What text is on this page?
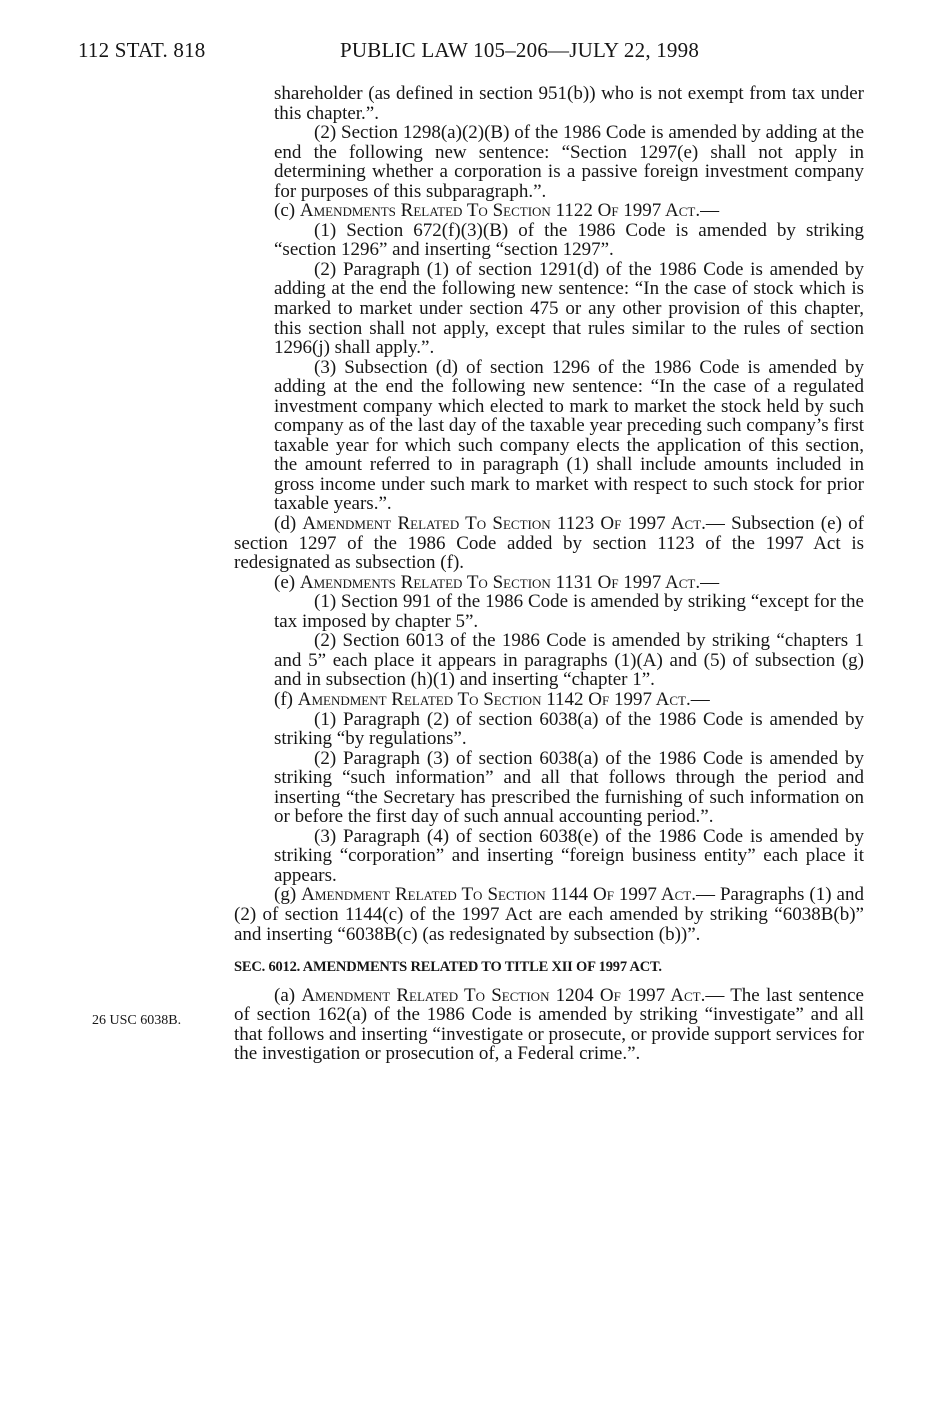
112 STAT. 818	PUBLIC LAW 105–206—JULY 22, 1998
26 USC 6038B.

shareholder (as defined in section 951(b)) who is not exempt from tax under this chapter.”.

(2) Section 1298(a)(2)(B) of the 1986 Code is amended by adding at the end the following new sentence: “Section 1297(e) shall not apply in determining whether a corporation is a passive foreign investment company for purposes of this subparagraph.”.

(c) Amendments Related To Section 1122 Of 1997 Act.—

(1) Section 672(f)(3)(B) of the 1986 Code is amended by striking “section 1296” and inserting “section 1297”.

(2) Paragraph (1) of section 1291(d) of the 1986 Code is amended by adding at the end the following new sentence: “In the case of stock which is marked to market under section 475 or any other provision of this chapter, this section shall not apply, except that rules similar to the rules of section 1296(j) shall apply.”.

(3) Subsection (d) of section 1296 of the 1986 Code is amended by adding at the end the following new sentence: “In the case of a regulated investment company which elected to mark to market the stock held by such company as of the last day of the taxable year preceding such company’s first taxable year for which such company elects the application of this section, the amount referred to in paragraph (1) shall include amounts included in gross income under such mark to market with respect to such stock for prior taxable years.”.

(d) Amendment Related To Section 1123 Of 1997 Act.— Subsection (e) of section 1297 of the 1986 Code added by section 1123 of the 1997 Act is redesignated as subsection (f).

(e) Amendments Related To Section 1131 Of 1997 Act.—

(1) Section 991 of the 1986 Code is amended by striking “except for the tax imposed by chapter 5”.

(2) Section 6013 of the 1986 Code is amended by striking “chapters 1 and 5” each place it appears in paragraphs (1)(A) and (5) of subsection (g) and in subsection (h)(1) and inserting “chapter 1”.

(f) Amendment Related To Section 1142 Of 1997 Act.—

(1) Paragraph (2) of section 6038(a) of the 1986 Code is amended by striking “by regulations”.

(2) Paragraph (3) of section 6038(a) of the 1986 Code is amended by striking “such information” and all that follows through the period and inserting “the Secretary has prescribed the furnishing of such information on or before the first day of such annual accounting period.”.

(3) Paragraph (4) of section 6038(e) of the 1986 Code is amended by striking “corporation” and inserting “foreign business entity” each place it appears.

(g) Amendment Related To Section 1144 Of 1997 Act.— Paragraphs (1) and (2) of section 1144(c) of the 1997 Act are each amended by striking “6038B(b)” and inserting “6038B(c) (as redesignated by subsection (b))”.

SEC. 6012. AMENDMENTS RELATED TO TITLE XII OF 1997 ACT.

(a) Amendment Related To Section 1204 Of 1997 Act.— The last sentence of section 162(a) of the 1986 Code is amended by striking “investigate” and all that follows and inserting “investigate or prosecute, or provide support services for the investigation or prosecution of, a Federal crime.”.
